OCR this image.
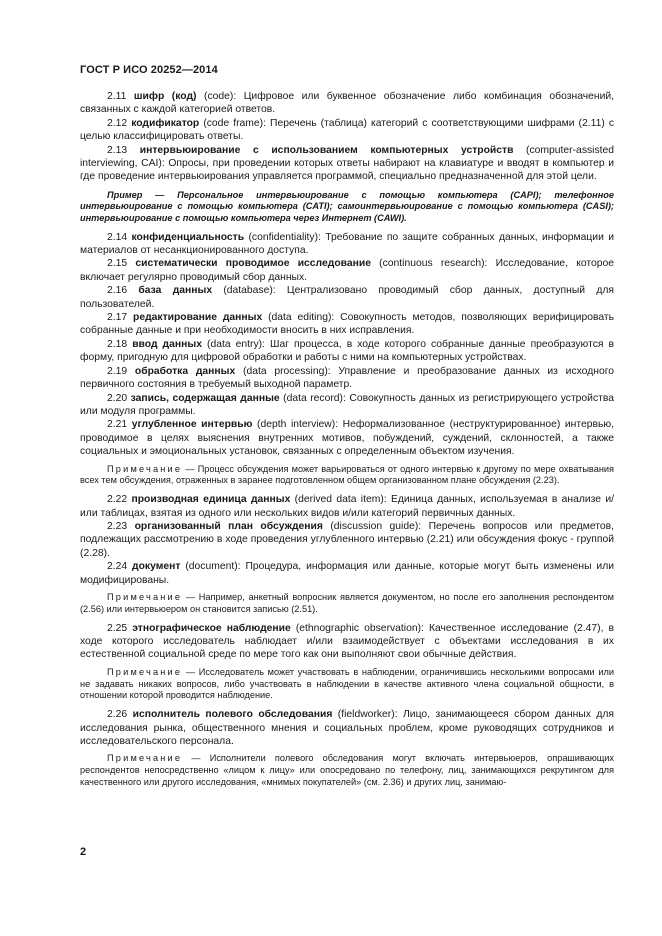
ГОСТ Р ИСО 20252—2014

2.11 шифр (код) (code): Цифровое или буквенное обозначение либо комбинация обозначений, связанных с каждой категорией ответов.

2.12 кодификатор (code frame): Перечень (таблица) категорий с соответствующими шифрами (2.11) с целью классифицировать ответы.

2.13 интервьюирование с использованием компьютерных устройств (computer-assisted interviewing, CAI): Опросы, при проведении которых ответы набирают на клавиатуре и вводят в компьютер и где проведение интервьюирования управляется программой, специально предназначенной для этой цели.

Пример — Персональное интервьюирование с помощью компьютера (CAPI); телефонное интервьюирование с помощью компьютера (CATI); самоинтервьюирование с помощью компьютера (CASI); интервьюирование с помощью компьютера через Интернет (CAWI).

2.14 конфиденциальность (confidentiality): Требование по защите собранных данных, информации и материалов от несанкционированного доступа.

2.15 систематически проводимое исследование (continuous research): Исследование, которое включает регулярно проводимый сбор данных.

2.16 база данных (database): Централизовано проводимый сбор данных, доступный для пользователей.

2.17 редактирование данных (data editing): Совокупность методов, позволяющих верифицировать собранные данные и при необходимости вносить в них исправления.

2.18 ввод данных (data entry): Шаг процесса, в ходе которого собранные данные преобразуются в форму, пригодную для цифровой обработки и работы с ними на компьютерных устройствах.

2.19 обработка данных (data processing): Управление и преобразование данных из исходного первичного состояния в требуемый выходной параметр.

2.20 запись, содержащая данные (data record): Совокупность данных из регистрирующего устройства или модуля программы.

2.21 углубленное интервью (depth interview): Неформализованное (неструктурированное) интервью, проводимое в целях выяснения внутренних мотивов, побуждений, суждений, склонностей, а также социальных и эмоциональных установок, связанных с определенным объектом изучения.

Примечание — Процесс обсуждения может варьироваться от одного интервью к другому по мере охватывания всех тем обсуждения, отраженных в заранее подготовленном общем организованном плане обсуждения (2.23).

2.22 производная единица данных (derived data item): Единица данных, используемая в анализе и/или таблицах, взятая из одного или нескольких видов и/или категорий первичных данных.

2.23 организованный план обсуждения (discussion guide): Перечень вопросов или предметов, подлежащих рассмотрению в ходе проведения углубленного интервью (2.21) или обсуждения фокус - группой (2.28).

2.24 документ (document): Процедура, информация или данные, которые могут быть изменены или модифицированы.

Примечание — Например, анкетный вопросник является документом, но после его заполнения респондентом (2.56) или интервьюером он становится записью (2.51).

2.25 этнографическое наблюдение (ethnographic observation): Качественное исследование (2.47), в ходе которого исследователь наблюдает и/или взаимодействует с объектами исследования в их естественной социальной среде по мере того как они выполняют свои обычные действия.

Примечание — Исследователь может участвовать в наблюдении, ограничившись несколькими вопросами или не задавать никаких вопросов, либо участвовать в наблюдении в качестве активного члена социальной общности, в отношении которой проводится наблюдение.

2.26 исполнитель полевого обследования (fieldworker): Лицо, занимающееся сбором данных для исследования рынка, общественного мнения и социальных проблем, кроме руководящих сотрудников и исследовательского персонала.

Примечание — Исполнители полевого обследования могут включать интервьюеров, опрашивающих респондентов непосредственно «лицом к лицу» или опосредовано по телефону, лиц, занимающихся рекрутингом для качественного или другого исследования, «мнимых покупателей» (см. 2.36) и других лиц, занимаю-

2
